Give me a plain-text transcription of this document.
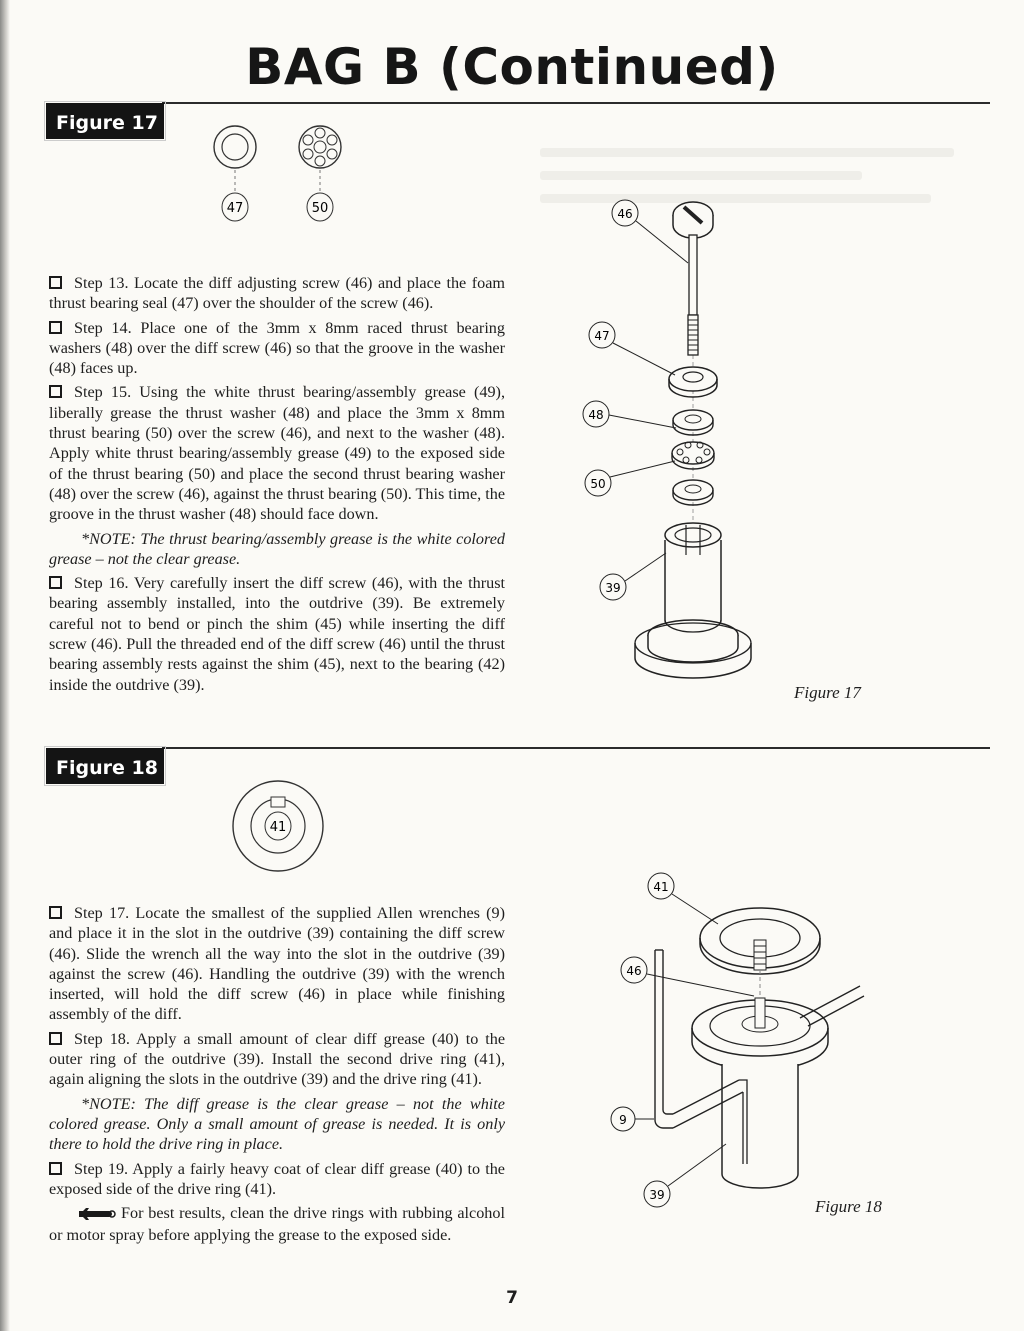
BAG B (Continued)
Figure 17
47	50

Step 13. Locate the diff adjusting screw (46) and place the foam thrust bearing seal (47) over the shoulder of the screw (46).

Step 14. Place one of the 3mm x 8mm raced thrust bearing washers (48) over the diff screw (46) so that the groove in the washer (48) faces up.

Step 15. Using the white thrust bearing/assembly grease (49), liberally grease the thrust washer (48) and place the 3mm x 8mm thrust bearing (50) over the screw (46), and next to the washer (48). Apply white thrust bearing/assembly grease (49) to the exposed side of the thrust bearing (50) and place the second thrust bearing washer (48) over the screw (46), against the thrust bearing (50). This time, the groove in the thrust washer (48) should face down.

*NOTE: The thrust bearing/assembly grease is the white colored grease – not the clear grease.

Step 16. Very carefully insert the diff screw (46), with the thrust bearing assembly installed, into the outdrive (39). Be extremely careful not to bend or pinch the shim (45) while inserting the diff screw (46). Pull the threaded end of the diff screw (46) until the thrust bearing assembly rests against the shim (45), next to the bearing (42) inside the outdrive (39).

46
47
48
50
39
Figure 17
Figure 18
41

Step 17. Locate the smallest of the supplied Allen wrenches (9) and place it in the slot in the outdrive (39) containing the diff screw (46). Slide the wrench all the way into the slot in the outdrive (39) against the screw (46). Handling the outdrive (39) with the wrench inserted, will hold the diff screw (46) in place while finishing assembly of the diff.

Step 18. Apply a small amount of clear diff grease (40) to the outer ring of the outdrive (39). Install the second drive ring (41), again aligning the slots in the outdrive (39) and the drive ring (41).

*NOTE: The diff grease is the clear grease – not the white colored grease. Only a small amount of grease is needed. It is only there to hold the drive ring in place.

Step 19. Apply a fairly heavy coat of clear diff grease (40) to the exposed side of the drive ring (41).

For best results, clean the drive rings with rubbing alcohol or motor spray before applying the grease to the exposed side.

41
46
9
39
Figure 18
7
